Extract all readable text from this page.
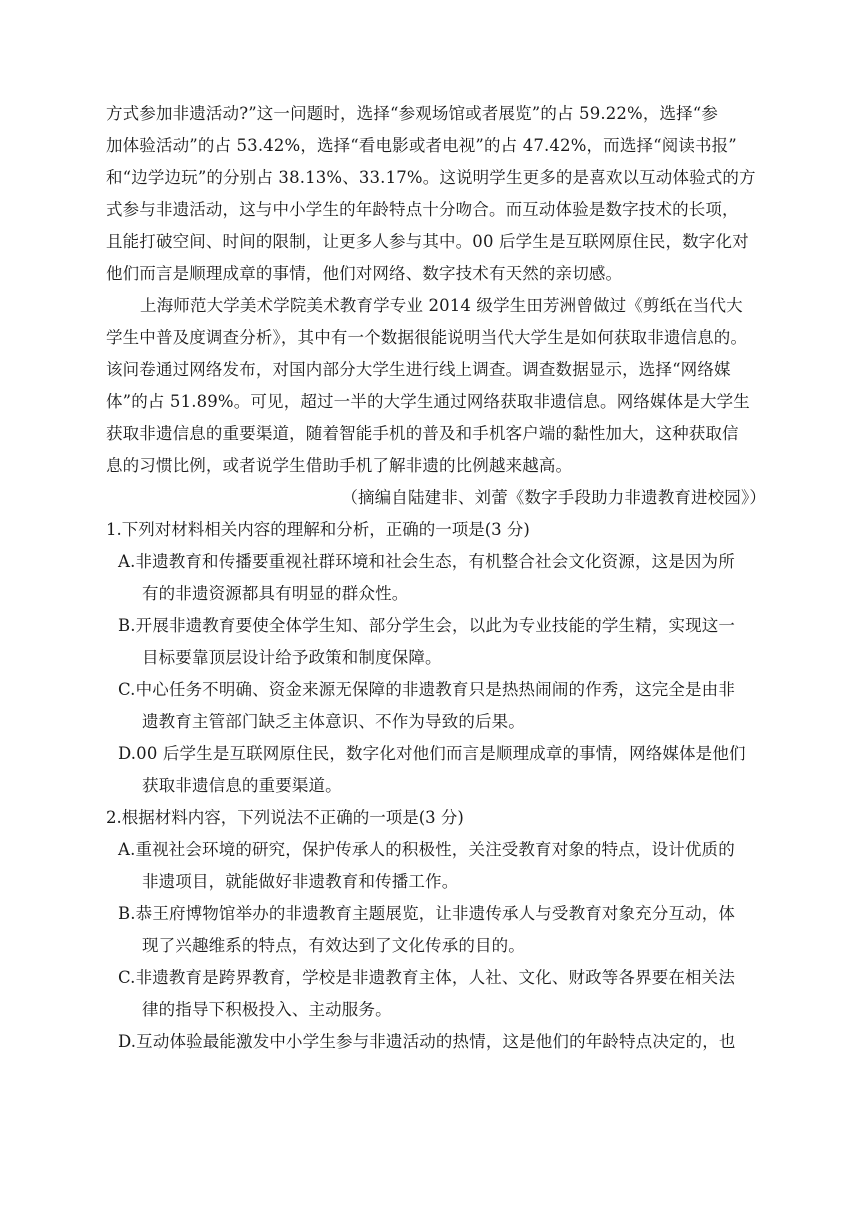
方式参加非遗活动?”这一问题时，选择“参观场馆或者展览”的占 59.22%，选择“参
加体验活动”的占 53.42%，选择“看电影或者电视”的占 47.42%，而选择“阅读书报”
和“边学边玩”的分别占 38.13%、33.17%。这说明学生更多的是喜欢以互动体验式的方
式参与非遗活动，这与中小学生的年龄特点十分吻合。而互动体验是数字技术的长项，
且能打破空间、时间的限制，让更多人参与其中。00 后学生是互联网原住民，数字化对
他们而言是顺理成章的事情，他们对网络、数字技术有天然的亲切感。
上海师范大学美术学院美术教育学专业 2014 级学生田芳洲曾做过《剪纸在当代大
学生中普及度调查分析》，其中有一个数据很能说明当代大学生是如何获取非遗信息的。
该问卷通过网络发布，对国内部分大学生进行线上调查。调查数据显示，选择“网络媒
体”的占 51.89%。可见，超过一半的大学生通过网络获取非遗信息。网络媒体是大学生
获取非遗信息的重要渠道，随着智能手机的普及和手机客户端的黏性加大，这种获取信
息的习惯比例，或者说学生借助手机了解非遗的比例越来越高。
（摘编自陆建非、刘蕾《数字手段助力非遗教育进校园》）
1.下列对材料相关内容的理解和分析，正确的一项是(3 分)
A.非遗教育和传播要重视社群环境和社会生态，有机整合社会文化资源，这是因为所
有的非遗资源都具有明显的群众性。
B.开展非遗教育要使全体学生知、部分学生会，以此为专业技能的学生精，实现这一
目标要靠顶层设计给予政策和制度保障。
C.中心任务不明确、资金来源无保障的非遗教育只是热热闹闹的作秀，这完全是由非
遗教育主管部门缺乏主体意识、不作为导致的后果。
D.00 后学生是互联网原住民，数字化对他们而言是顺理成章的事情，网络媒体是他们
获取非遗信息的重要渠道。
2.根据材料内容，下列说法不正确的一项是(3 分)
A.重视社会环境的研究，保护传承人的积极性，关注受教育对象的特点，设计优质的
非遗项目，就能做好非遗教育和传播工作。
B.恭王府博物馆举办的非遗教育主题展览，让非遗传承人与受教育对象充分互动，体
现了兴趣维系的特点，有效达到了文化传承的目的。
C.非遗教育是跨界教育，学校是非遗教育主体，人社、文化、财政等各界要在相关法
律的指导下积极投入、主动服务。
D.互动体验最能激发中小学生参与非遗活动的热情，这是他们的年龄特点决定的，也
